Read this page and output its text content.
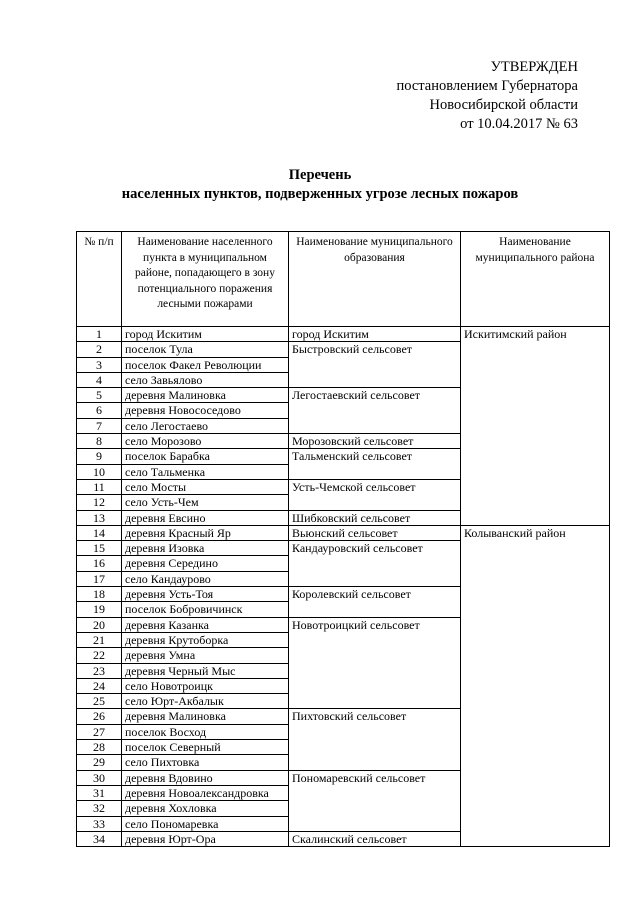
УТВЕРЖДЕН
постановлением Губернатора
Новосибирской области
от 10.04.2017 № 63
Перечень
населенных пунктов, подверженных угрозе лесных пожаров
№ п/п	Наименование населенного пункта в муниципальном районе, попадающего в зону потенциального поражения лесными пожарами	Наименование муниципального образования	Наименование муниципального района
1	город Искитим	город Искитим	Искитимский район
2	поселок Тула	Быстровский сельсовет	
3	поселок Факел Революции		
4	село Завьялово		
5	деревня Малиновка	Легостаевский сельсовет	
6	деревня Новососедово		
7	село Легостаево		
8	село Морозово	Морозовский сельсовет	
9	поселок Барабка	Тальменский сельсовет	
10	село Тальменка		
11	село Мосты	Усть-Чемской сельсовет	
12	село Усть-Чем		
13	деревня Евсино	Шибковский сельсовет	
14	деревня Красный Яр	Вьюнский сельсовет	Колыванский район
15	деревня Изовка	Кандауровский сельсовет	
16	деревня Середино		
17	село Кандаурово		
18	деревня Усть-Тоя	Королевский сельсовет	
19	поселок Бобровичинск		
20	деревня Казанка	Новотроицкий сельсовет	
21	деревня Крутоборка		
22	деревня Умна		
23	деревня Черный Мыс		
24	село Новотроицк		
25	село Юрт-Акбалык		
26	деревня Малиновка	Пихтовский сельсовет	
27	поселок Восход		
28	поселок Северный		
29	село Пихтовка		
30	деревня Вдовино	Пономаревский сельсовет	
31	деревня Новоалександровка		
32	деревня Хохловка		
33	село Пономаревка		
34	деревня Юрт-Ора	Скалинский сельсовет	
